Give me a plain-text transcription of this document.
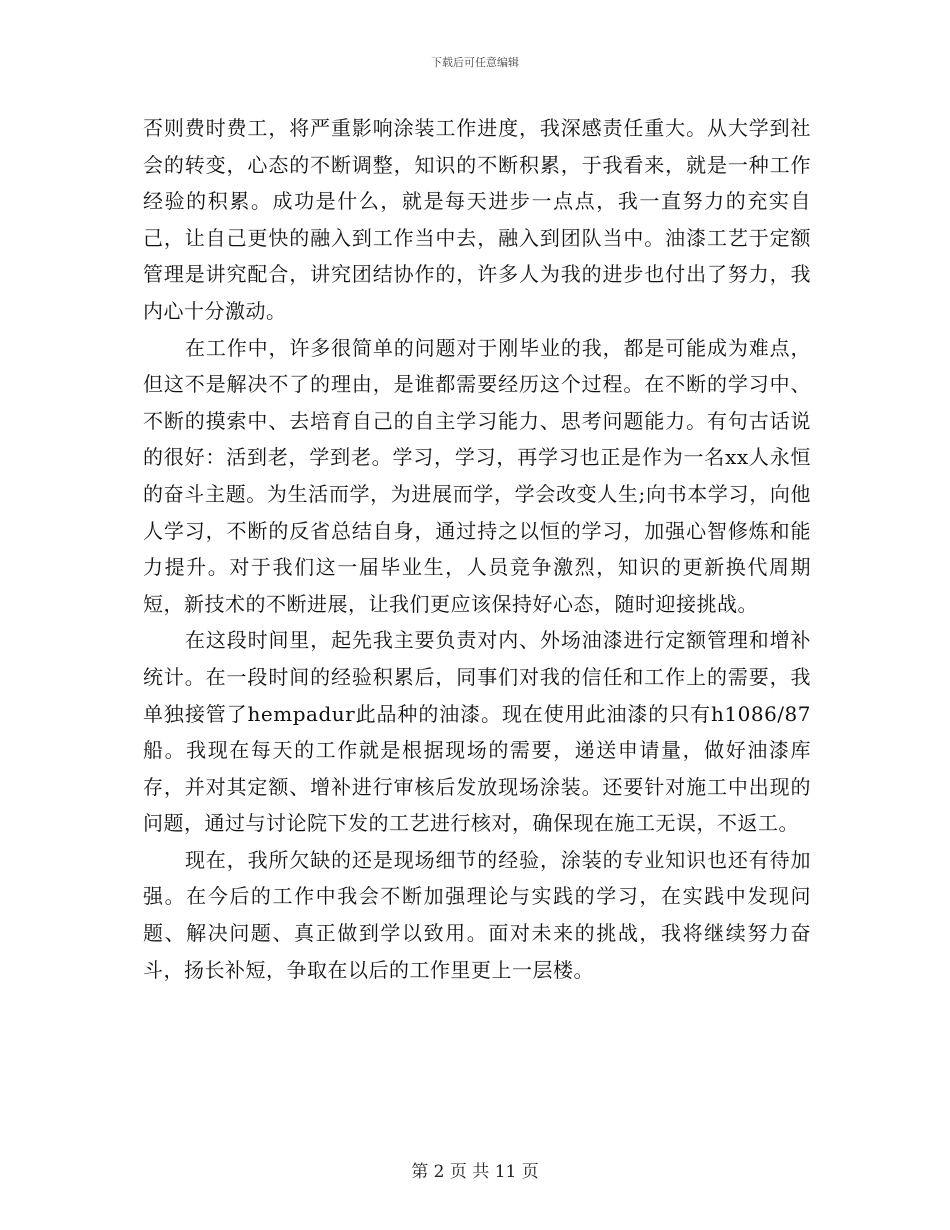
下载后可任意编辑

否则费时费工，将严重影响涂装工作进度，我深感责任重大。从大学到社会的转变，心态的不断调整，知识的不断积累，于我看来，就是一种工作经验的积累。成功是什么，就是每天进步一点点，我一直努力的充实自己，让自己更快的融入到工作当中去，融入到团队当中。油漆工艺于定额管理是讲究配合，讲究团结协作的，许多人为我的进步也付出了努力，我内心十分激动。

在工作中，许多很简单的问题对于刚毕业的我，都是可能成为难点，但这不是解决不了的理由，是谁都需要经历这个过程。在不断的学习中、不断的摸索中、去培育自己的自主学习能力、思考问题能力。有句古话说的很好：活到老，学到老。学习，学习，再学习也正是作为一名xx人永恒的奋斗主题。为生活而学，为进展而学，学会改变人生;向书本学习，向他人学习，不断的反省总结自身，通过持之以恒的学习，加强心智修炼和能力提升。对于我们这一届毕业生，人员竞争激烈，知识的更新换代周期短，新技术的不断进展，让我们更应该保持好心态，随时迎接挑战。

在这段时间里，起先我主要负责对内、外场油漆进行定额管理和增补统计。在一段时间的经验积累后，同事们对我的信任和工作上的需要，我单独接管了hempadur此品种的油漆。现在使用此油漆的只有h1086/87船。我现在每天的工作就是根据现场的需要，递送申请量，做好油漆库存，并对其定额、增补进行审核后发放现场涂装。还要针对施工中出现的问题，通过与讨论院下发的工艺进行核对，确保现在施工无误，不返工。

现在，我所欠缺的还是现场细节的经验，涂装的专业知识也还有待加强。在今后的工作中我会不断加强理论与实践的学习，在实践中发现问题、解决问题、真正做到学以致用。面对未来的挑战，我将继续努力奋斗，扬长补短，争取在以后的工作里更上一层楼。

第 2 页 共 11 页
